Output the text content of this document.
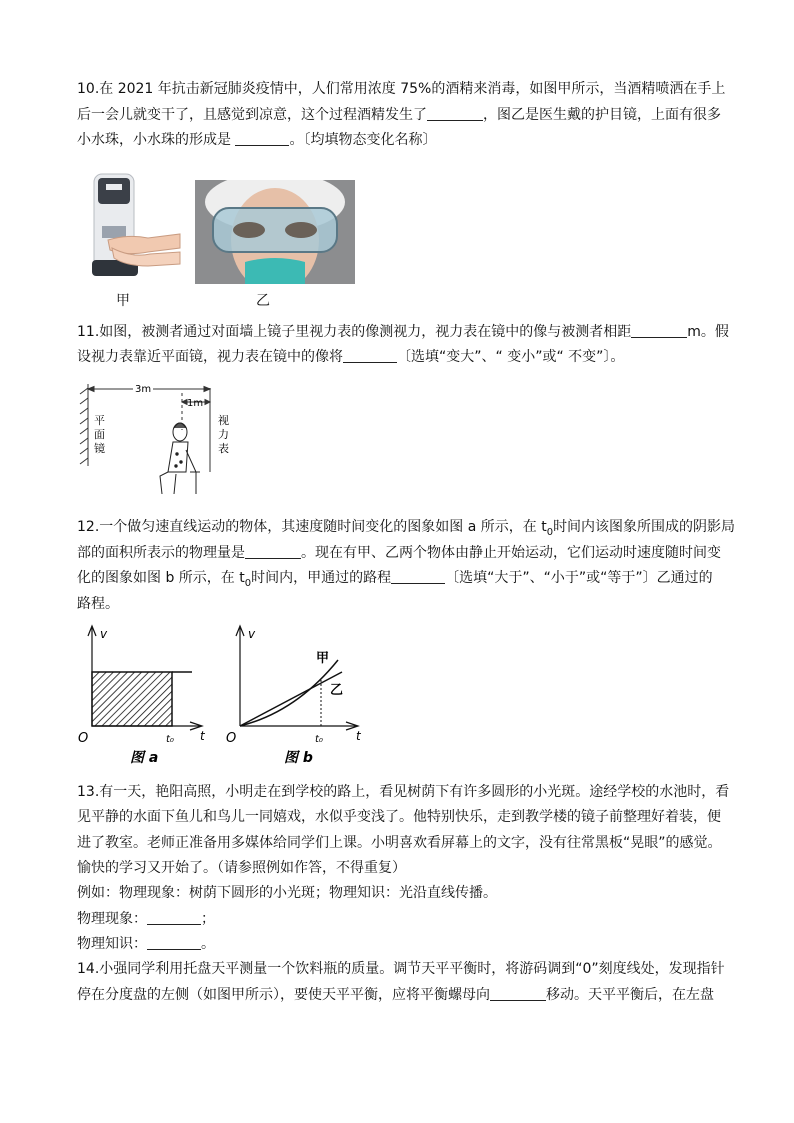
10.在 2021 年抗击新冠肺炎疫情中，人们常用浓度 75%的酒精来消毒，如图甲所示，当酒精喷洒在手上
后一会儿就变干了，且感觉到凉意，这个过程酒精发生了	，图乙是医生戴的护目镜，上面有很多
小水珠，小水珠的形成是	。〔均填物态变化名称〕
甲	乙
11.如图，被测者通过对面墙上镜子里视力表的像测视力，视力表在镜中的像与被测者相距	m。假
设视力表靠近平面镜，视力表在镜中的像将	〔选填“变大”、“ 变小”或“ 不变”〕。
3m
1m
平
面
镜
视
力
表
12.一个做匀速直线运动的物体，其速度随时间变化的图象如图 a 所示，在 $t_0$时间内该图象所围成的阴影局
部的面积所表示的物理量是	。现在有甲、乙两个物体由静止开始运动，它们运动时速度随时间变
化的图象如图 b 所示，在 $t_0$时间内，甲通过的路程	〔选填“大于”、“小于”或“等于”〕乙通过的
路程。
v
t
O	t₀
图 a
v
t
O	t₀
甲
乙
图 b
13.有一天，艳阳高照，小明走在到学校的路上，看见树荫下有许多圆形的小光斑。途经学校的水池时，看
见平静的水面下鱼儿和鸟儿一同嬉戏，水似乎变浅了。他特别快乐，走到教学楼的镜子前整理好着装，便
进了教室。老师正准备用多媒体给同学们上课。小明喜欢看屏幕上的文字，没有往常黑板“晃眼”的感觉。
愉快的学习又开始了。（请参照例如作答，不得重复）
例如：物理现象：树荫下圆形的小光斑；物理知识：光沿直线传播。
物理现象：	；
物理知识：	。
14.小强同学利用托盘天平测量一个饮料瓶的质量。调节天平平衡时，将游码调到“0”刻度线处，发现指针
停在分度盘的左侧（如图甲所示），要使天平平衡，应将平衡螺母向	移动。天平平衡后，在左盘
